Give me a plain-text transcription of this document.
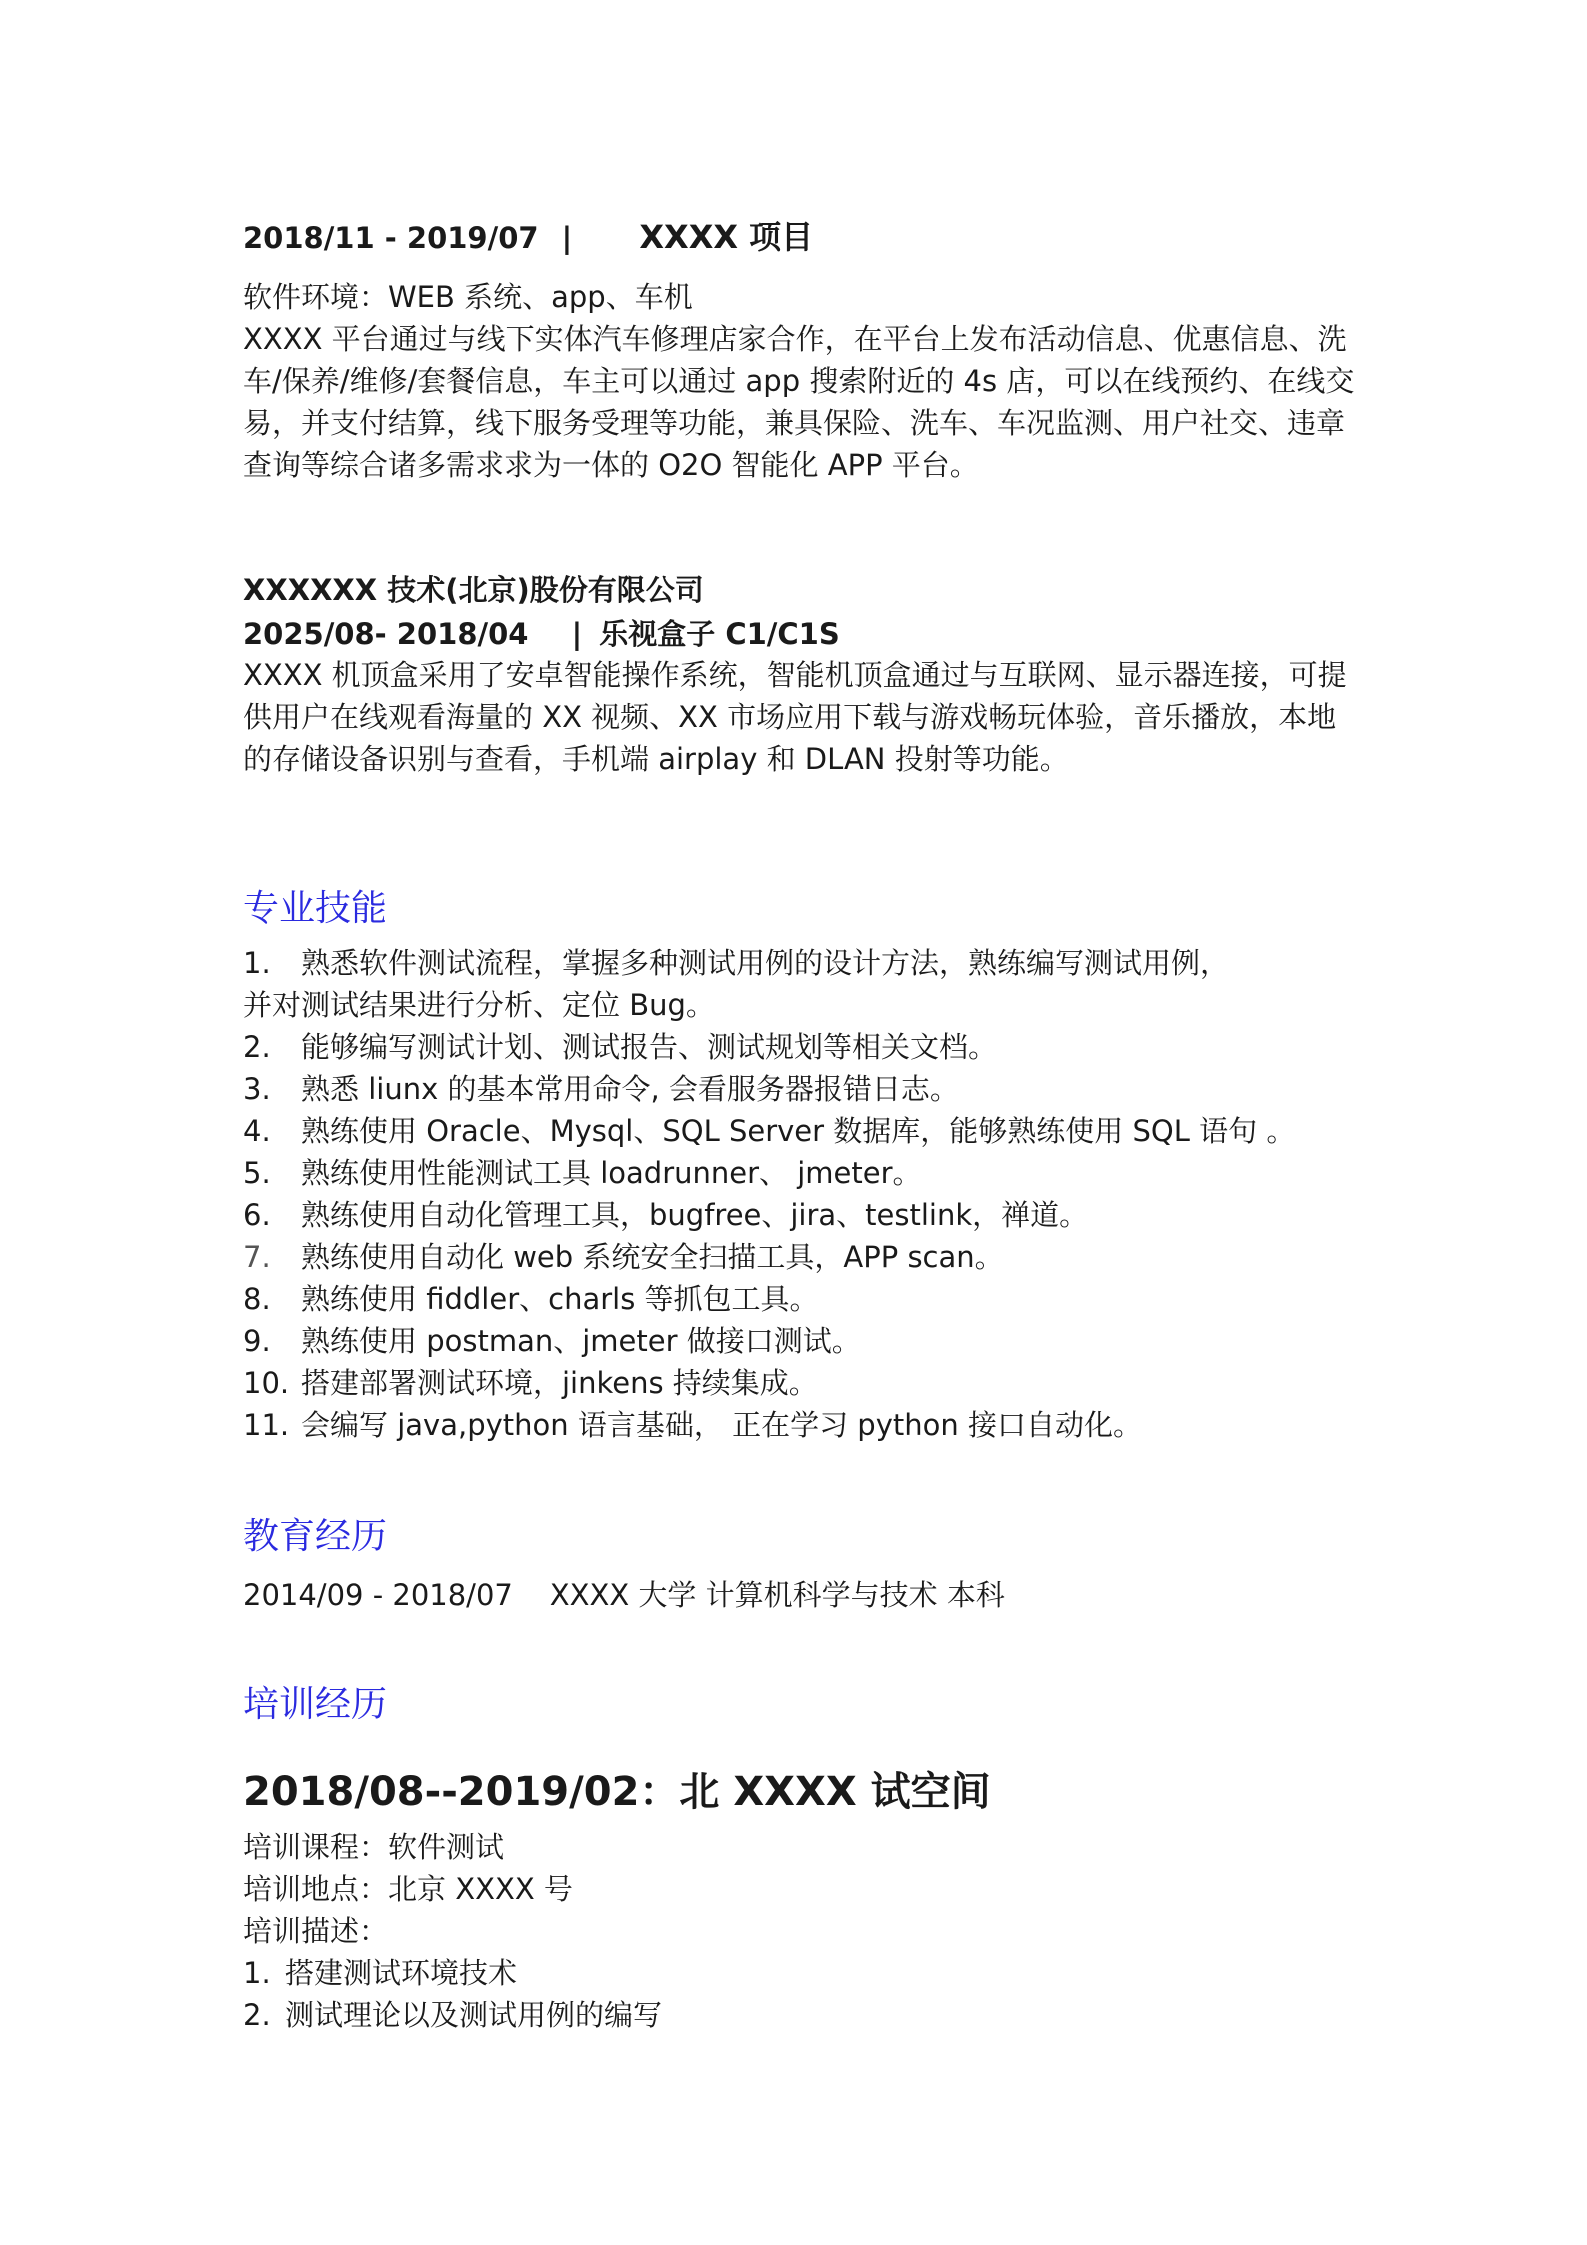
2018/11 - 2019/07 | XXXX 项目
软件环境：WEB 系统、app、车机
XXXX 平台通过与线下实体汽车修理店家合作，在平台上发布活动信息、优惠信息、洗车/保养/维修/套餐信息，车主可以通过 app 搜索附近的 4s 店，可以在线预约、在线交易，并支付结算，线下服务受理等功能，兼具保险、洗车、车况监测、用户社交、违章查询等综合诸多需求求为一体的 O2O 智能化 APP 平台。
XXXXXX 技术(北京)股份有限公司
2025/08- 2018/04 | 乐视盒子 C1/C1S
XXXX 机顶盒采用了安卓智能操作系统，智能机顶盒通过与互联网、显示器连接，可提供用户在线观看海量的 XX 视频、XX 市场应用下载与游戏畅玩体验，音乐播放，本地的存储设备识别与查看，手机端 airplay 和 DLAN 投射等功能。
专业技能
1. 熟悉软件测试流程，掌握多种测试用例的设计方法，熟练编写测试用例，
并对测试结果进行分析、定位 Bug。
2. 能够编写测试计划、测试报告、测试规划等相关文档。
3. 熟悉 liunx 的基本常用命令, 会看服务器报错日志。
4. 熟练使用 Oracle、Mysql、SQL Server 数据库，能够熟练使用 SQL 语句 。
5. 熟练使用性能测试工具 loadrunner、 jmeter。
6. 熟练使用自动化管理工具，bugfree、jira、testlink，禅道。
7. 熟练使用自动化 web 系统安全扫描工具，APP scan。
8. 熟练使用 fiddler、charls 等抓包工具。
9. 熟练使用 postman、jmeter 做接口测试。
10. 搭建部署测试环境，jinkens 持续集成。
11. 会编写 java,python 语言基础， 正在学习 python 接口自动化。
教育经历
2014/09 - 2018/07    XXXX 大学 计算机科学与技术 本科
培训经历
2018/08--2019/02：北 XXXX 试空间
培训课程：软件测试
培训地点：北京 XXXX 号
培训描述：
1. 搭建测试环境技术
2. 测试理论以及测试用例的编写
